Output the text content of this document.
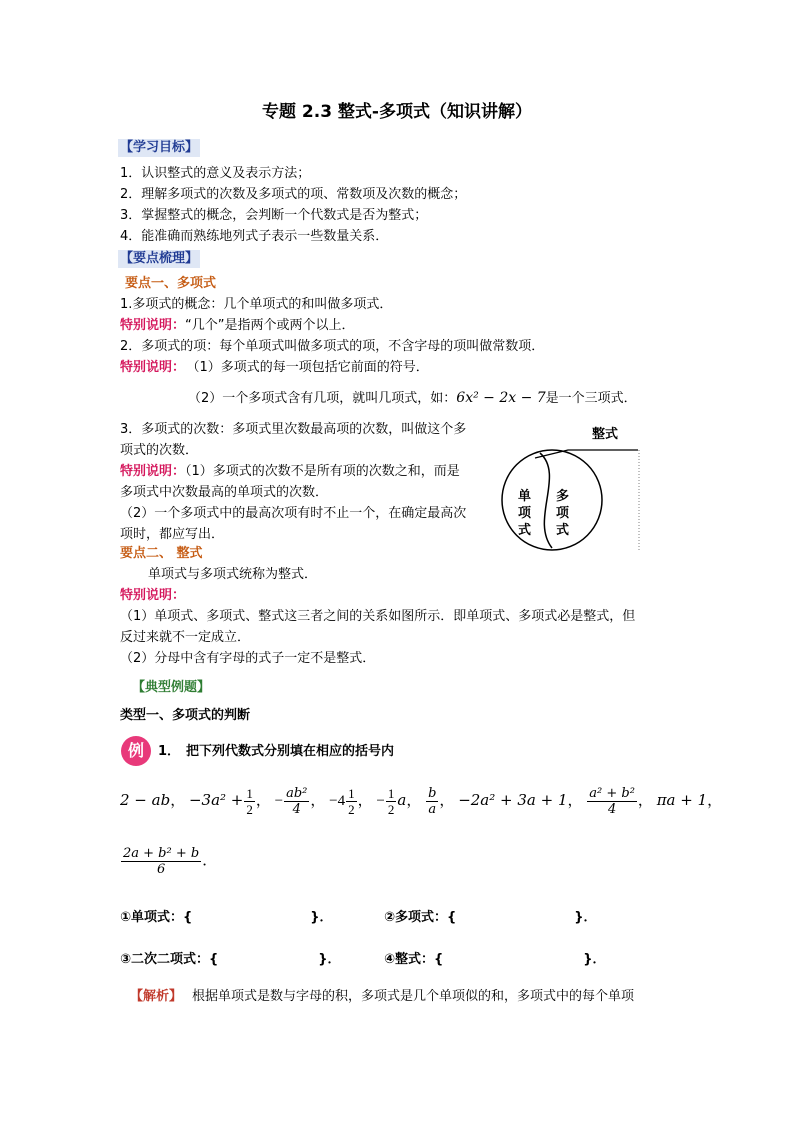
专题 2.3 整式-多项式（知识讲解）
【学习目标】
1．认识整式的意义及表示方法；
2．理解多项式的次数及多项式的项、常数项及次数的概念；
3．掌握整式的概念，会判断一个代数式是否为整式；
4．能准确而熟练地列式子表示一些数量关系．
【要点梳理】
要点一、多项式
1.多项式的概念：几个单项式的和叫做多项式．
特别说明：“几个”是指两个或两个以上．
2．多项式的项：每个单项式叫做多项式的项，不含字母的项叫做常数项．
特别说明： （1）多项式的每一项包括它前面的符号．
（2）一个多项式含有几项，就叫几项式，如：6x² − 2x − 7是一个三项式．
3．多项式的次数：多项式里次数最高项的次数，叫做这个多
项式的次数．
特别说明：（1）多项式的次数不是所有项的次数之和，而是
多项式中次数最高的单项式的次数．
（2）一个多项式中的最高次项有时不止一个，在确定最高次
项时，都应写出．
要点二、 整式
单项式与多项式统称为整式．
特别说明：
（1）单项式、多项式、整式这三者之间的关系如图所示．即单项式、多项式必是整式，但
反过来就不一定成立．
（2）分母中含有字母的式子一定不是整式．
整式
单
项
式
多
项
式
【典型例题】
类型一、多项式的判断
例	1． 把下列代数式分别填在相应的括号内
2 − ab， $-3a^2 + \frac{1}{2}$ ， − $\frac{\text{ab²}}{4}$ ， $-4 \frac{1}{2}$ ， − $\frac{1}{2}$ a， $\frac{b}{a}$ ， −2a² + 3a + 1， $\frac{\text{a² + b²}}{4}$ ， πa + 1，
$\frac{\text{2a + b² + b}}{6}$ ．
①单项式：{	}．	②多项式：{	}．
③二次二项式：{	}．	④整式：{	}．
【解析】 根据单项式是数与字母的积，多项式是几个单项似的和，多项式中的每个单项
